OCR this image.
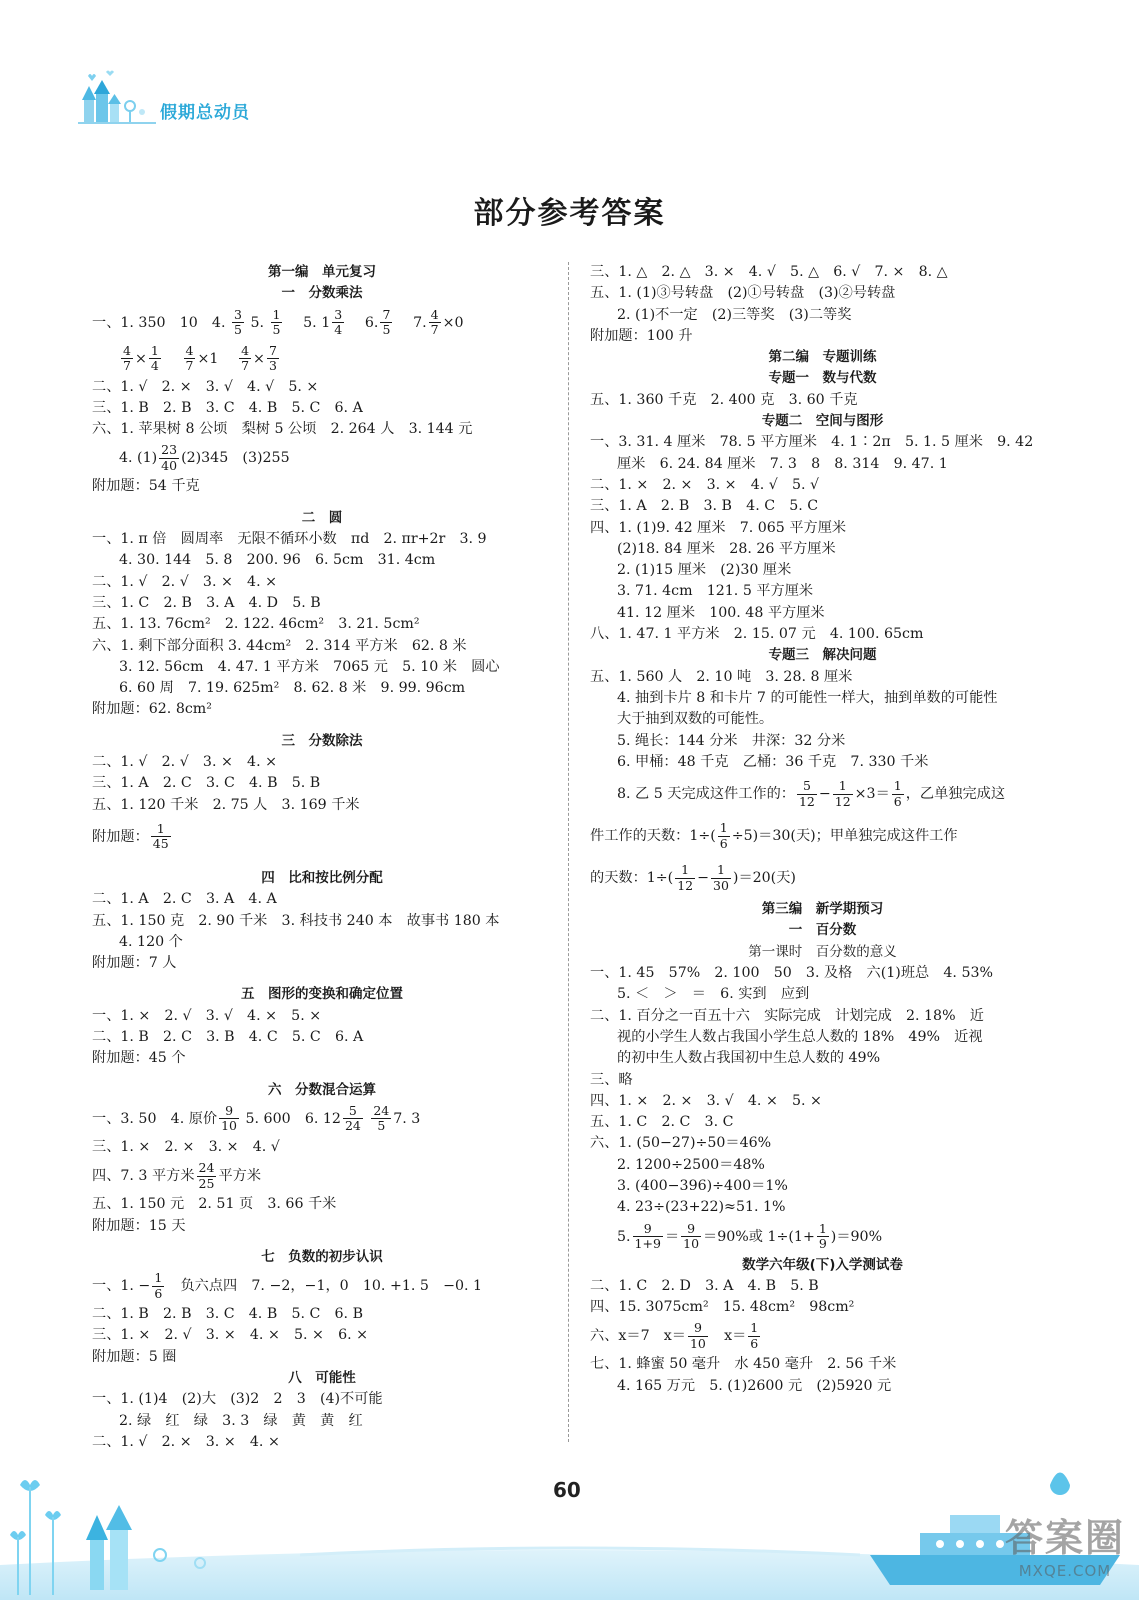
假期总动员
部分参考答案
第一编　单元复习
一　分数乘法
一、1. 350　10　4. $\frac{3}{5} 5$. $\frac{1}{5}$ 　5. $1 \frac{3}{4}$ 　6. $\frac{7}{5}$ 　7. $\frac{4}{7} \times 0$
$\frac{4}{7} \times \frac{1}{4}$
　 $\frac{4}{7} \times 1$　 $\frac{4}{7} \times \frac{7}{3}$
二、1. √　2. ×　3. √　4. √　5. ×
三、1. B　2. B　3. C　4. B　5. C　6. A
六、1. 苹果树 8 公顷　梨树 5 公顷　2. 264 人　3. 144 元
4. $(1) \frac{23}{40} (2)345$　(3)255
附加题：54 千克
二　圆
一、1. π 倍　圆周率　无限不循环小数　πd　2. πr+2r　3. 9
4. 30. 144　5. 8　200. 96　6. 5cm　31. 4cm
二、1. √　2. √　3. ×　4. ×
三、1. C　2. B　3. A　4. D　5. B
五、1. 13. 76cm²　2. 122. 46cm²　3. 21. 5cm²
六、1. 剩下部分面积 3. 44cm²　2. 314 平方米　62. 8 米
3. 12. 56cm　4. 47. 1 平方米　7065 元　5. 10 米　圆心
6. 60 周　7. 19. 625m²　8. 62. 8 米　9. 99. 96cm
附加题：62. 8cm²
三　分数除法
二、1. √　2. √　3. ×　4. ×
三、1. A　2. C　3. C　4. B　5. B
五、1. 120 千米　2. 75 人　3. 169 千米
附加题： $\frac{1}{45}$
四　比和按比例分配
二、1. A　2. C　3. A　4. A
五、1. 150 克　2. 90 千米　3. 科技书 240 本　故事书 180 本
4. 120 个
附加题：7 人
五　图形的变换和确定位置
一、1. ×　2. √　3. √　4. ×　5. ×
二、1. B　2. C　3. B　4. C　5. C　6. A
附加题：45 个
六　分数混合运算
一、3. 50　4. 原价 $\frac{9}{10} 5$. 600　6. $12 \frac{5}{24}$
$\frac{24}{5} 7$. 3
三、1. ×　2. ×　3. ×　4. √
四、7. 3 平方米 $\frac{24}{25}$ 平方米
五、1. 150 元　2. 51 页　3. 66 千米
附加题：15 天
七　负数的初步认识
一、1. − $\frac{1}{6}$
　 负六点四　7. −2，−1，0　10. +1. 5　−0. 1
二、1. B　2. B　3. C　4. B　5. C　6. B
三、1. ×　2. √　3. ×　4. ×　5. ×　6. ×
附加题：5 圈
八　可能性
一、1. (1)4　(2)大　(3)2　2　3　(4)不可能
2. 绿　红　绿　3. 3　绿　黄　黄　红
二、1. √　2. ×　3. ×　4. ×
三、1. △　2. △　3. ×　4. √　5. △　6. √　7. ×　8. △
五、1. (1)③号转盘　(2)①号转盘　(3)②号转盘
2. (1)不一定　(2)三等奖　(3)二等奖
附加题：100 升
第二编　专题训练
专题一　数与代数
五、1. 360 千克　2. 400 克　3. 60 千克
专题二　空间与图形
一、3. 31. 4 厘米　78. 5 平方厘米　4. 1∶2π　5. 1. 5 厘米　9. 42
厘米　6. 24. 84 厘米　7. 3　8　8. 314　9. 47. 1
二、1. ×　2. ×　3. ×　4. √　5. √
三、1. A　2. B　3. B　4. C　5. C
四、1. (1)9. 42 厘米　7. 065 平方厘米
(2)18. 84 厘米　28. 26 平方厘米
2. (1)15 厘米　(2)30 厘米
3. 71. 4cm　121. 5 平方厘米
41. 12 厘米　100. 48 平方厘米
八、1. 47. 1 平方米　2. 15. 07 元　4. 100. 65cm
专题三　解决问题
五、1. 560 人　2. 10 吨　3. 28. 8 厘米
4. 抽到卡片 8 和卡片 7 的可能性一样大，抽到单数的可能性
大于抽到双数的可能性。
5. 绳长：144 分米　井深：32 分米
6. 甲桶：48 千克　乙桶：36 千克　7. 330 千米
8. 乙 5 天完成这件工作的： $\frac{5}{12} - \frac{1}{12} \times 3= \frac{1}{6}$ ，乙单独完成这
件工作的天数：$1\div( \frac{1}{6} \div 5)=30$(天)；甲单独完成这件工作
的天数：$1\div( \frac{1}{12} - \frac{1}{30} )=20$(天)
第三编　新学期预习
一　百分数
第一课时　百分数的意义
一、1. 45　57%　2. 100　50　3. 及格　六(1)班总　4. 53%
5. ＜　＞　＝　6. 实到　应到
二、1. 百分之一百五十六　实际完成　计划完成　2. 18%　近
视的小学生人数占我国小学生总人数的 18%　49%　近视
的初中生人数占我国初中生总人数的 49%
三、略
四、1. ×　2. ×　3. √　4. ×　5. ×
五、1. C　2. C　3. C
六、1. (50−27)÷50＝46%
2. 1200÷2500＝48%
3. (400−396)÷400＝1%
4. 23÷(23+22)≈51. 1%
5. $\frac{9}{1+9} = \frac{9}{10} =90\%$或 $1\div(1+ \frac{1}{9} )=90\%$
数学六年级(下)入学测试卷
二、1. C　2. D　3. A　4. B　5. B
四、15. 3075cm²　15. 48cm²　98cm²
六、x＝7　$x= \frac{9}{10}$
　 $x= \frac{1}{6}$
七、1. 蜂蜜 50 毫升　水 450 毫升　2. 56 千米
4. 165 万元　5. (1)2600 元　(2)5920 元
60
答案圈
MXQE.COM
